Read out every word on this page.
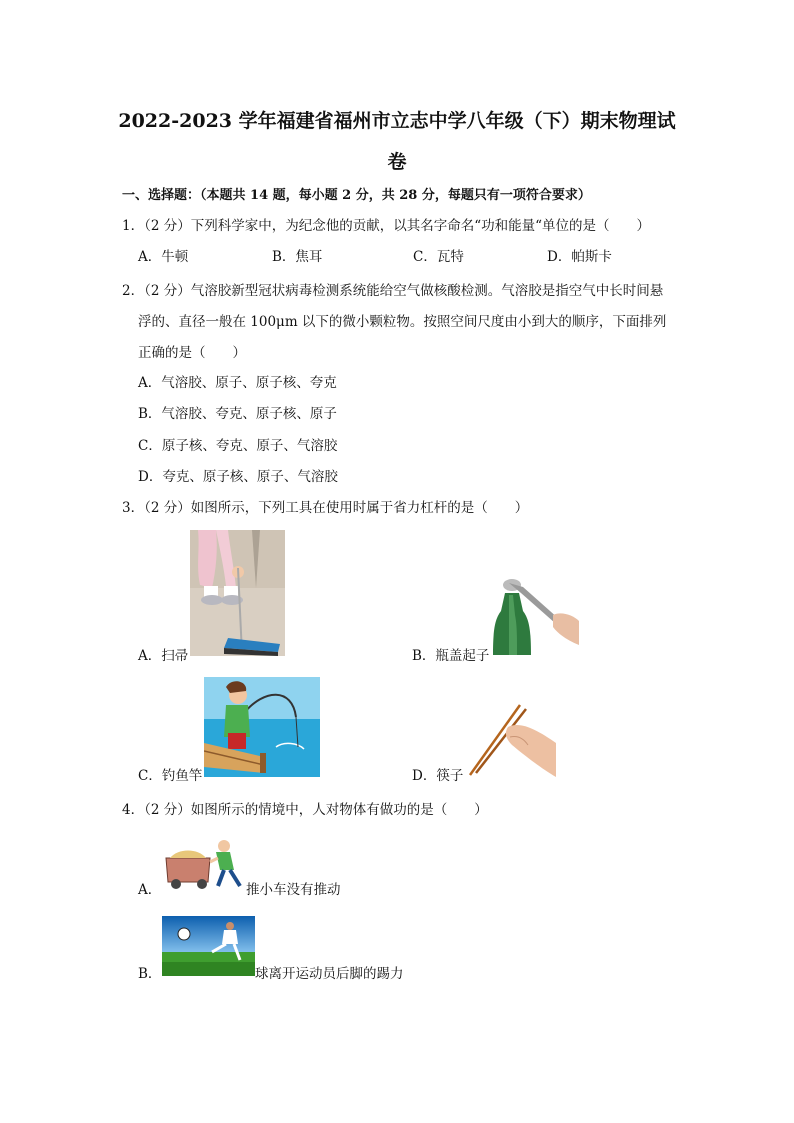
2022-2023 学年福建省福州市立志中学八年级（下）期末物理试
卷
一、选择题：（本题共 14 题，每小题 2 分，共 28 分，每题只有一项符合要求）
1．（2 分）下列科学家中，为纪念他的贡献，以其名字命名“功和能量“单位的是（　　）
A．牛顿	B．焦耳	C．瓦特	D．帕斯卡
2．（2 分）气溶胶新型冠状病毒检测系统能给空气做核酸检测。气溶胶是指空气中长时间悬
浮的、直径一般在 100μm 以下的微小颗粒物。按照空间尺度由小到大的顺序，下面排列
正确的是（　　）
A．气溶胶、原子、原子核、夸克
B．气溶胶、夸克、原子核、原子
C．原子核、夸克、原子、气溶胶
D．夸克、原子核、原子、气溶胶
3．（2 分）如图所示，下列工具在使用时属于省力杠杆的是（　　）
A．扫帚	B．瓶盖起子
C．钓鱼竿	D．筷子
4．（2 分）如图所示的情境中，人对物体有做功的是（　　）
A．	推小车没有推动
B．	球离开运动员后脚的踢力
